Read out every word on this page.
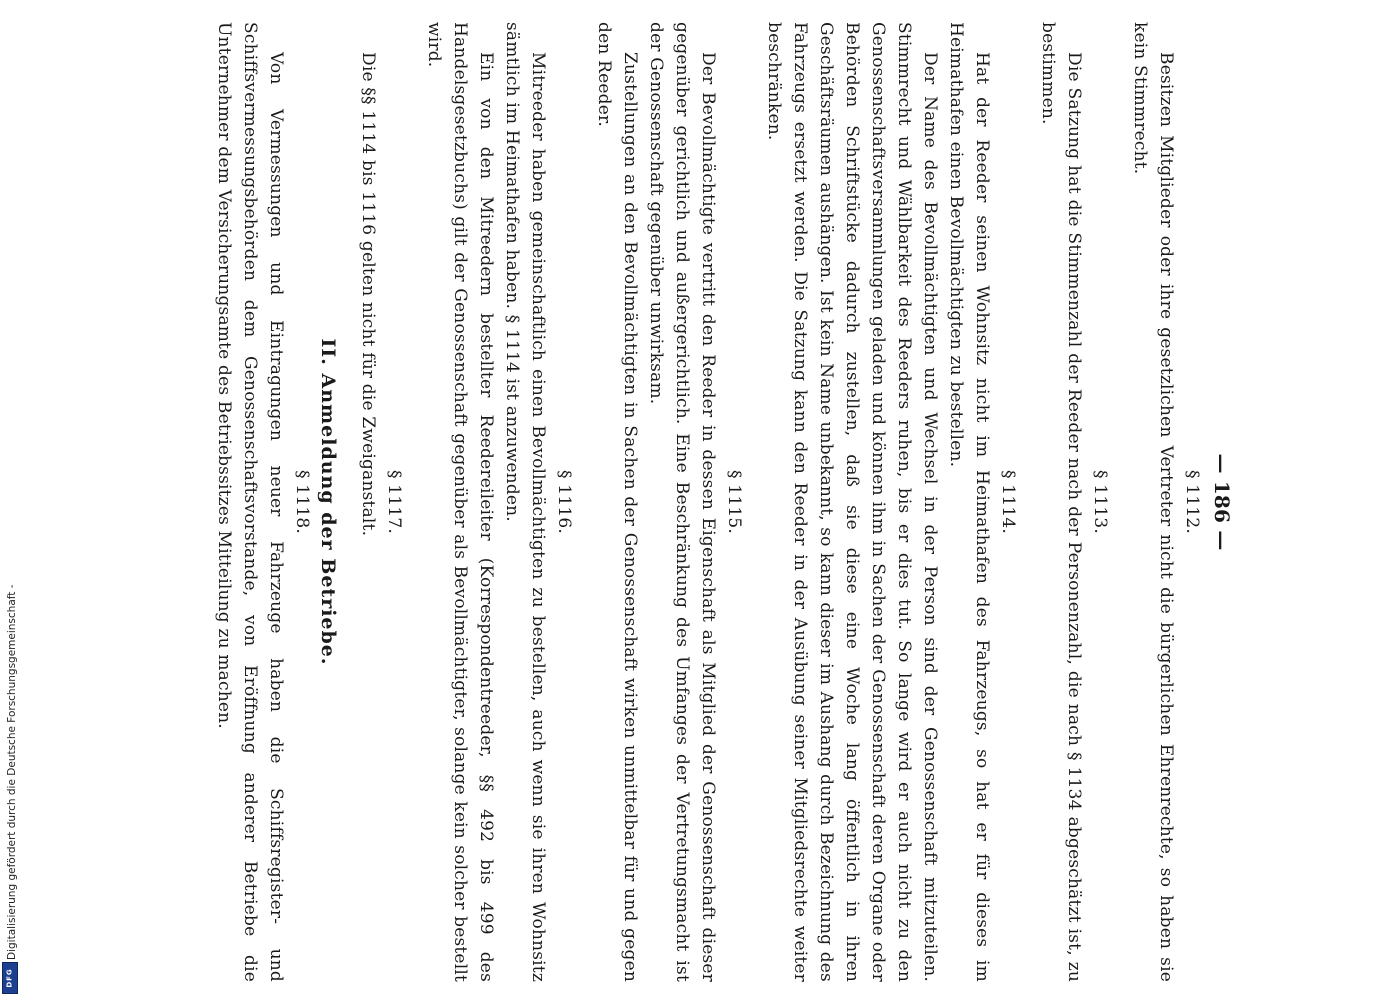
Digitalisierung gefördert durch die Deutsche Forschungsgemeinschaft -
DFG

— 186 —

§ 1112.

Besitzen Mitglieder oder ihre gesetzlichen Vertreter nicht die bürgerlichen Ehrenrechte, so haben sie kein Stimmrecht.

§ 1113.

Die Satzung hat die Stimmenzahl der Reeder nach der Personenzahl, die nach § 1134 abgeschätzt ist, zu bestimmen.

§ 1114.

Hat der Reeder seinen Wohnsitz nicht im Heimathafen des Fahrzeugs, so hat er für dieses im Heimathafen einen Bevollmächtigten zu bestellen.

Der Name des Bevollmächtigten und Wechsel in der Person sind der Genossenschaft mitzuteilen. Stimmrecht und Wählbarkeit des Reeders ruhen, bis er dies tut. So lange wird er auch nicht zu den Genossenschaftsversammlungen geladen und können ihm in Sachen der Genossenschaft deren Organe oder Behörden Schriftstücke dadurch zustellen, daß sie diese eine Woche lang öffentlich in ihren Geschäftsräumen aushängen. Ist kein Name unbekannt, so kann dieser im Aushang durch Bezeichnung des Fahrzeugs ersetzt werden. Die Satzung kann den Reeder in der Ausübung seiner Mitgliedsrechte weiter beschränken.

§ 1115.

Der Bevollmächtigte vertritt den Reeder in dessen Eigenschaft als Mitglied der Genossenschaft dieser gegenüber gerichtlich und außergerichtlich. Eine Beschränkung des Umfanges der Vertretungsmacht ist der Genossenschaft gegenüber unwirksam.

Zustellungen an den Bevollmächtigten in Sachen der Genossenschaft wirken unmittelbar für und gegen den Reeder.

§ 1116.

Mitreeder haben gemeinschaftlich einen Bevollmächtigten zu bestellen, auch wenn sie ihren Wohnsitz sämtlich im Heimathafen haben. § 1114 ist anzuwenden.

Ein von den Mitreedern bestellter Reedereileiter (Korrespondentreeder, §§ 492 bis 499 des Handelsgesetzbuchs) gilt der Genossenschaft gegenüber als Bevollmächtigter, solange kein solcher bestellt wird.

§ 1117.

Die §§ 1114 bis 1116 gelten nicht für die Zweiganstalt.

II. Anmeldung der Betriebe.

§ 1118.

Von Vermessungen und Eintragungen neuer Fahrzeuge haben die Schiffsregister- und Schiffsvermessungsbehörden dem Genossenschaftsvorstande, von Eröffnung anderer Betriebe die Unternehmer dem Versicherungsamte des Betriebssitzes Mitteilung zu machen.
